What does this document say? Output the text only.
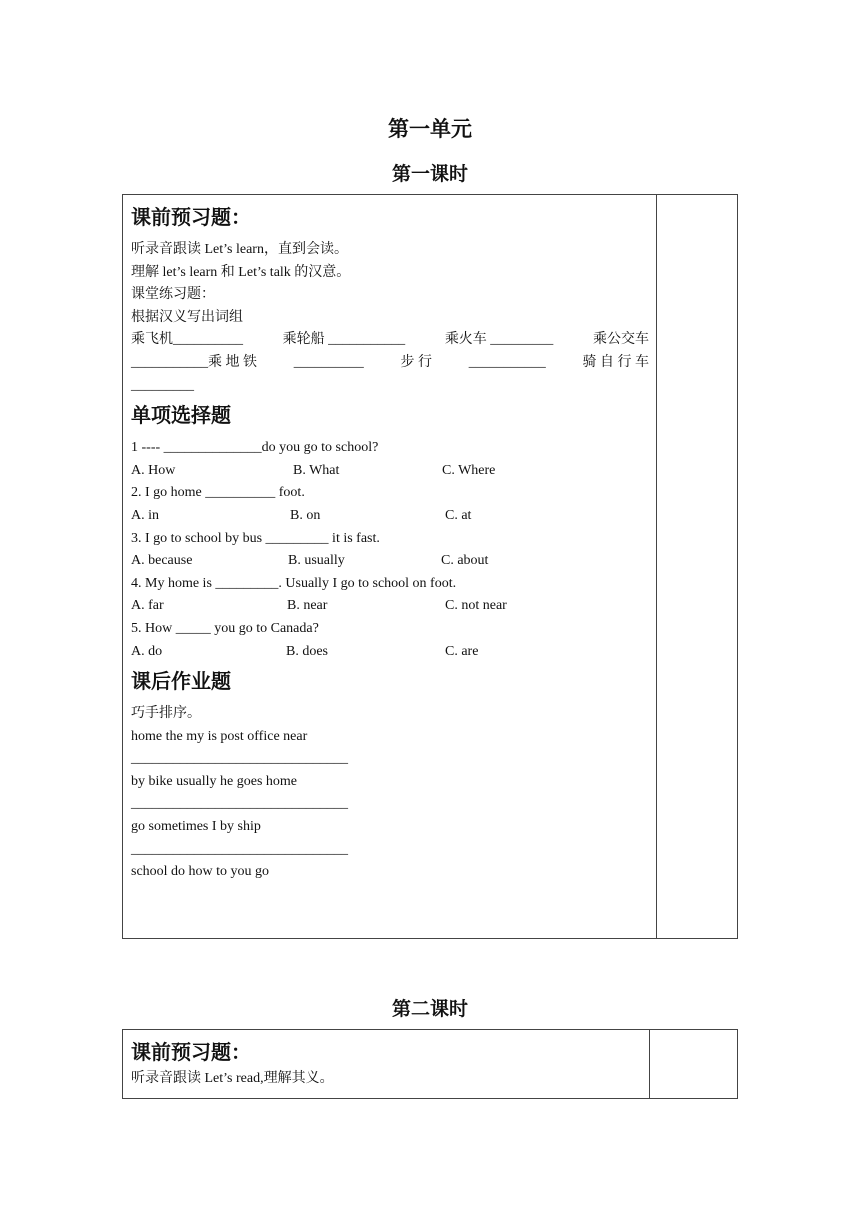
第一单元
第一课时
课前预习题：
听录音跟读 Let’s learn，直到会读。
理解 let’s learn 和 Let’s talk 的汉意。
课堂练习题：
根据汉义写出词组
乘飞机__________	乘轮船 ___________	乘火车 _________	乘公交车
___________乘 地 铁	__________	步 行	___________	骑 自 行 车
_________
单项选择题
1 ---- ______________do you go to school?
A. How	B. What	C. Where
2. I go home __________ foot.
A. in	B. on	C. at
3. I go to school by bus _________ it is fast.
A. because	B. usually	C. about
4. My home is _________. Usually I go to school on foot.
A. far	B. near	C. not near
5. How _____ you go to Canada?
A. do	B. does	C. are
课后作业题
巧手排序。
home the my is post office near
_______________________________
by bike usually he goes home
_______________________________
go sometimes I by ship
_______________________________
school do how to you go

第二课时
课前预习题：
听录音跟读 Let’s read,理解其义。
